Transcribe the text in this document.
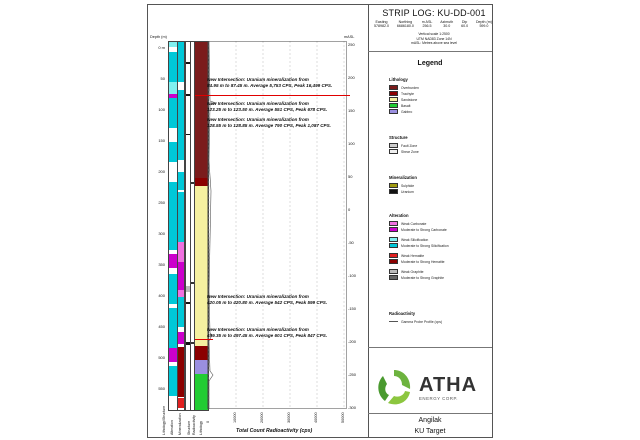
Depth (m)	mASL
0 m
50
100
150
200
250
300
350
400
450
500
550
250
200
150
100
50
0
-50
-100
-150
-200
-250
-300
New Intersection: Uranium mineralization from
84.95 m to 87.45 m. Average 5,753 CPS, Peak 16,499 CPS.
New Intersection: Uranium mineralization from
123.25 m to 123.50 m. Average 551 CPS, Peak 678 CPS.
New Intersection: Uranium mineralization from
128.55 m to 128.85 m. Average 790 CPS, Peak 1,087 CPS.
New Intersection: Uranium mineralization from
420.05 m to 420.80 m. Average 542 CPS, Peak 599 CPS.
New Intersection: Uranium mineralization from
489.35 m to 497.45 m. Average 601 CPS, Peak 847 CPS.
Lithology/Structure Alteration Mineralization Structure Radioactivity Lithology 0	10000	20000	30000	40000	50000
Total Count Radioactivity (cps)
STRIP LOG: KU-DD-001
Easting
578982.0
Northing
6686180.0
m ASL
256.5
Azimuth
30.0
Dip
60.0
Depth (m)
599.0
Vertical scale 1:2500
UTM NAD83 Zone 14N
mASL: Metres above sea level
Legend
Lithology
Overburden
Trachyte
Sandstone
Basalt
Gabbro
Structure
Fault Zone
Shear Zone
Mineralization
Sulphide
Uranium
Alteration
Weak Carbonate
Moderate to Strong Carbonate
Weak Silicification
Moderate to Strong Silicification
Weak Hematite
Moderate to Strong Hematite
Weak Graphite
Moderate to Strong Graphite
Radioactivity
Gamma Probe Profile (cps)
ATHA
ENERGY CORP.
Angilak
KU Target
